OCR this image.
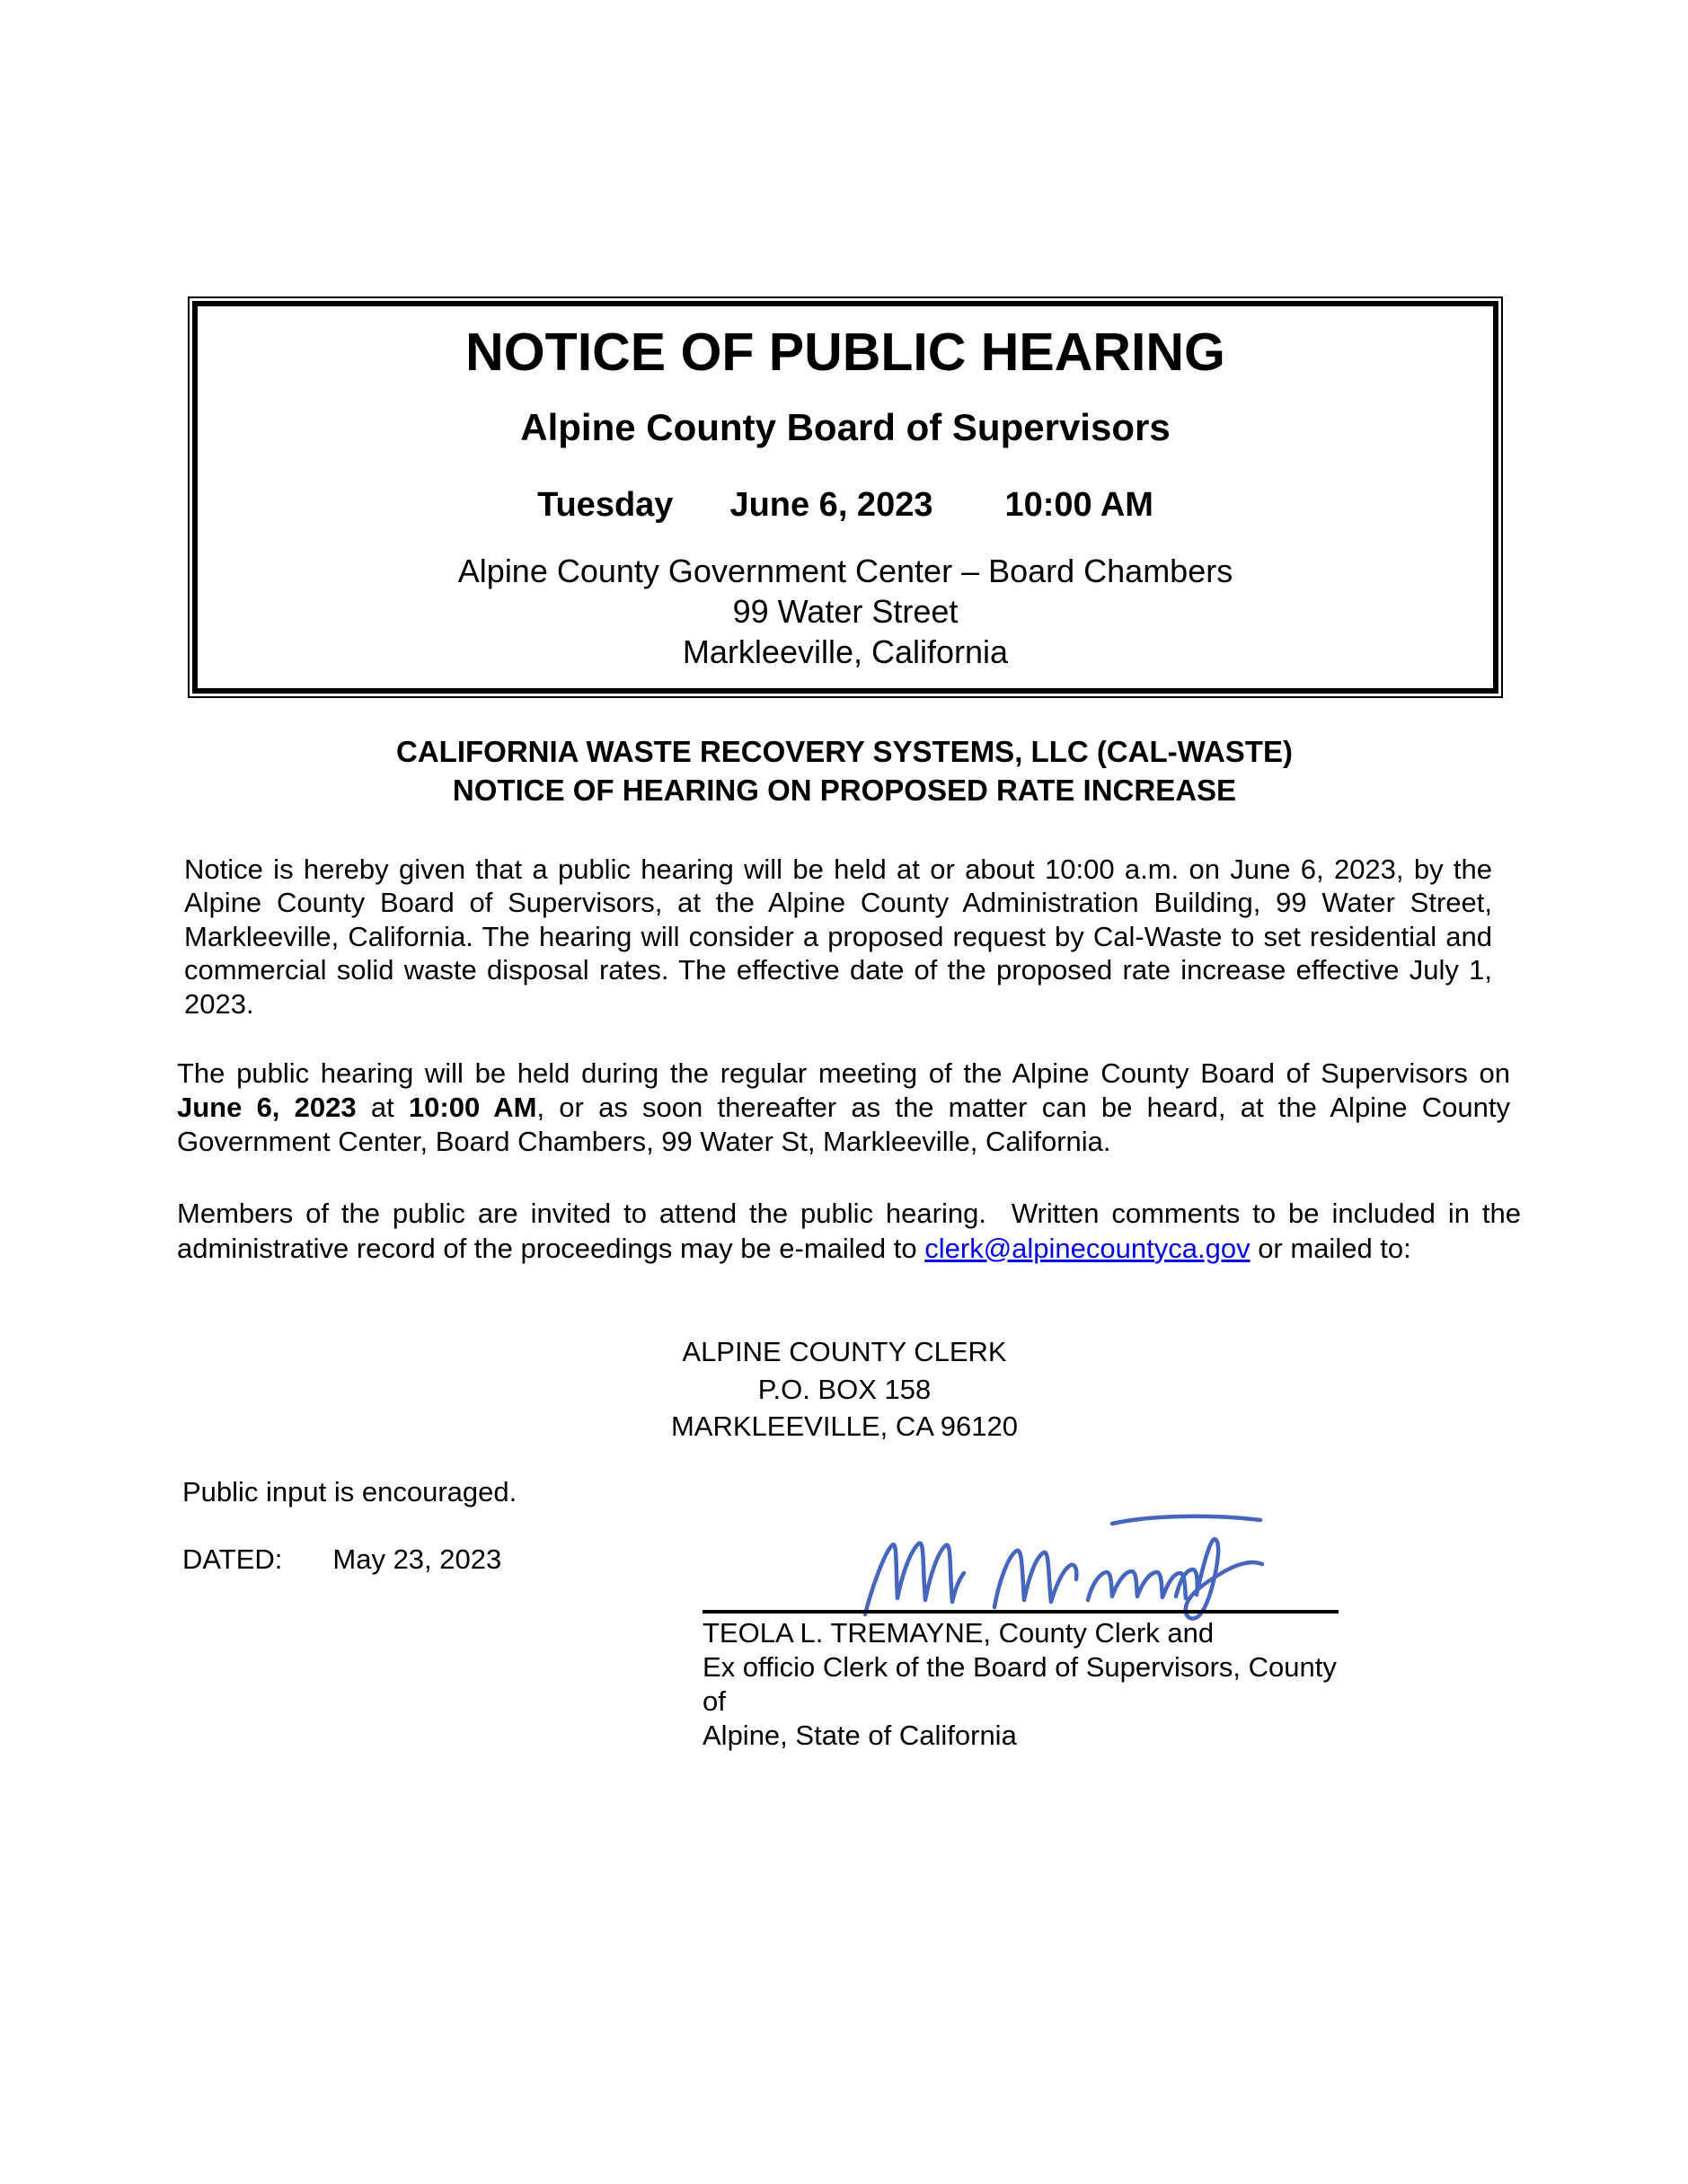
NOTICE OF PUBLIC HEARING
Alpine County Board of Supervisors
Tuesday June 6, 2023 10:00 AM
Alpine County Government Center – Board Chambers
99 Water Street
Markleeville, California
CALIFORNIA WASTE RECOVERY SYSTEMS, LLC (CAL-WASTE)
NOTICE OF HEARING ON PROPOSED RATE INCREASE
Notice is hereby given that a public hearing will be held at or about 10:00 a.m. on June 6, 2023, by the Alpine County Board of Supervisors, at the Alpine County Administration Building, 99 Water Street, Markleeville, California. The hearing will consider a proposed request by Cal-Waste to set residential and commercial solid waste disposal rates. The effective date of the proposed rate increase effective July 1, 2023.
The public hearing will be held during the regular meeting of the Alpine County Board of Supervisors on June 6, 2023 at 10:00 AM, or as soon thereafter as the matter can be heard, at the Alpine County Government Center, Board Chambers, 99 Water St, Markleeville, California.
Members of the public are invited to attend the public hearing.  Written comments to be included in the administrative record of the proceedings may be e-mailed to clerk@alpinecountyca.gov or mailed to:
ALPINE COUNTY CLERK
P.O. BOX 158
MARKLEEVILLE, CA 96120
Public input is encouraged.
DATED: May 23, 2023
TEOLA L. TREMAYNE, County Clerk and
Ex officio Clerk of the Board of Supervisors, County of
Alpine, State of California
